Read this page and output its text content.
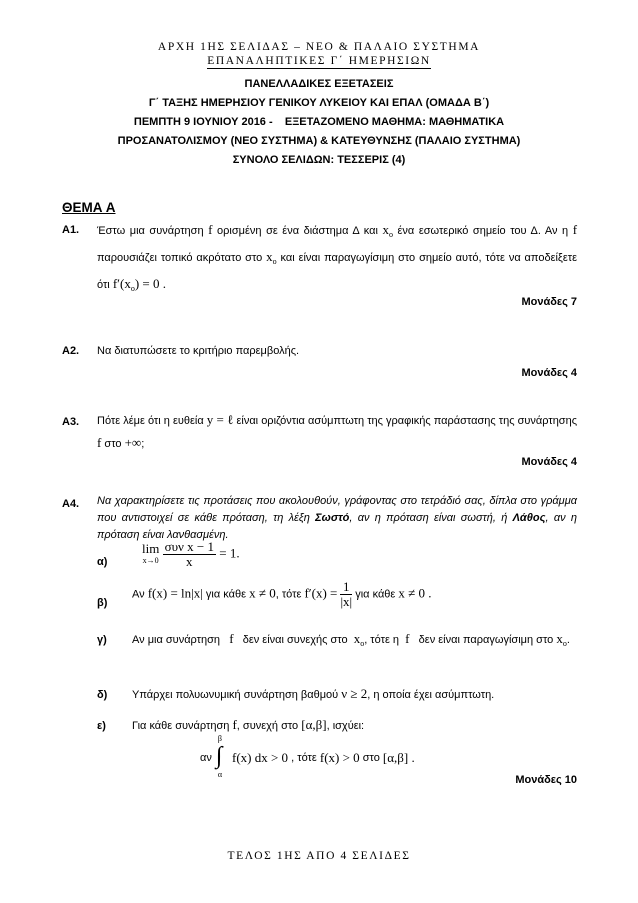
ΑΡΧΗ 1ΗΣ ΣΕΛΙΔΑΣ – ΝΕΟ & ΠΑΛΑΙΟ ΣΥΣΤΗΜΑ
ΕΠΑΝΑΛΗΠΤΙΚΕΣ Γ΄ ΗΜΕΡΗΣΙΩΝ
ΠΑΝΕΛΛΑΔΙΚΕΣ ΕΞΕΤΑΣΕΙΣ
Γ΄ ΤΑΞΗΣ ΗΜΕΡΗΣΙΟΥ ΓΕΝΙΚΟΥ ΛΥΚΕΙΟΥ ΚΑΙ ΕΠΑΛ (ΟΜΑΔΑ Β΄)
ΠΕΜΠΤΗ 9 ΙΟΥΝΙΟΥ 2016 -    ΕΞΕΤΑΖΟΜΕΝΟ ΜΑΘΗΜΑ: ΜΑΘΗΜΑΤΙΚΑ
ΠΡΟΣΑΝΑΤΟΛΙΣΜΟΥ (ΝΕΟ ΣΥΣΤΗΜΑ) & ΚΑΤΕΥΘΥΝΣΗΣ (ΠΑΛΑΙΟ ΣΥΣΤΗΜΑ)
ΣΥΝΟΛΟ ΣΕΛΙΔΩΝ: ΤΕΣΣΕΡΙΣ (4)
ΘΕΜΑ Α
Α1. Έστω μια συνάρτηση f ορισμένη σε ένα διάστημα Δ και $x_o$ ένα εσωτερικό σημείο του Δ. Αν η f παρουσιάζει τοπικό ακρότατο στο $x_o$ και είναι παραγωγίσιμη στο σημείο αυτό, τότε να αποδείξετε ότι $f'(x_o) = 0$ .
Μονάδες 7
Α2. Να διατυπώσετε το κριτήριο παρεμβολής.
Μονάδες 4
Α3. Πότε λέμε ότι η ευθεία y = ℓ είναι οριζόντια ασύμπτωτη της γραφικής παράστασης της συνάρτησης f στο +∞;
Μονάδες 4
Α4. Να χαρακτηρίσετε τις προτάσεις που ακολουθούν, γράφοντας στο τετράδιό σας, δίπλα στο γράμμα που αντιστοιχεί σε κάθε πρόταση, τη λέξη Σωστό, αν η πρόταση είναι σωστή, ή Λάθος, αν η πρόταση είναι λανθασμένη.
α)
lim
x→0
$\frac{\text{συν x − 1}}{x} = 1$.
β)
Αν f(x) = ln|x| για κάθε x ≠ 0, τότε $f'(x) = \frac{1}{|x|}$ για κάθε x ≠ 0 .
γ) Αν μια συνάρτηση f δεν είναι συνεχής στο $x_o$, τότε η f δεν είναι παραγωγίσιμη στο $x_o$.
δ) Υπάρχει πολυωνυμική συνάρτηση βαθμού ν ≥ 2, η οποία έχει ασύμπτωτη.
ε) Για κάθε συνάρτηση f, συνεχή στο [α,β], ισχύει:
αν
β
∫
α
f(x) dx > 0 , τότε f(x) > 0 στο [α,β] .
Μονάδες 10
ΤΕΛΟΣ 1ΗΣ ΑΠΟ 4 ΣΕΛΙΔΕΣ
